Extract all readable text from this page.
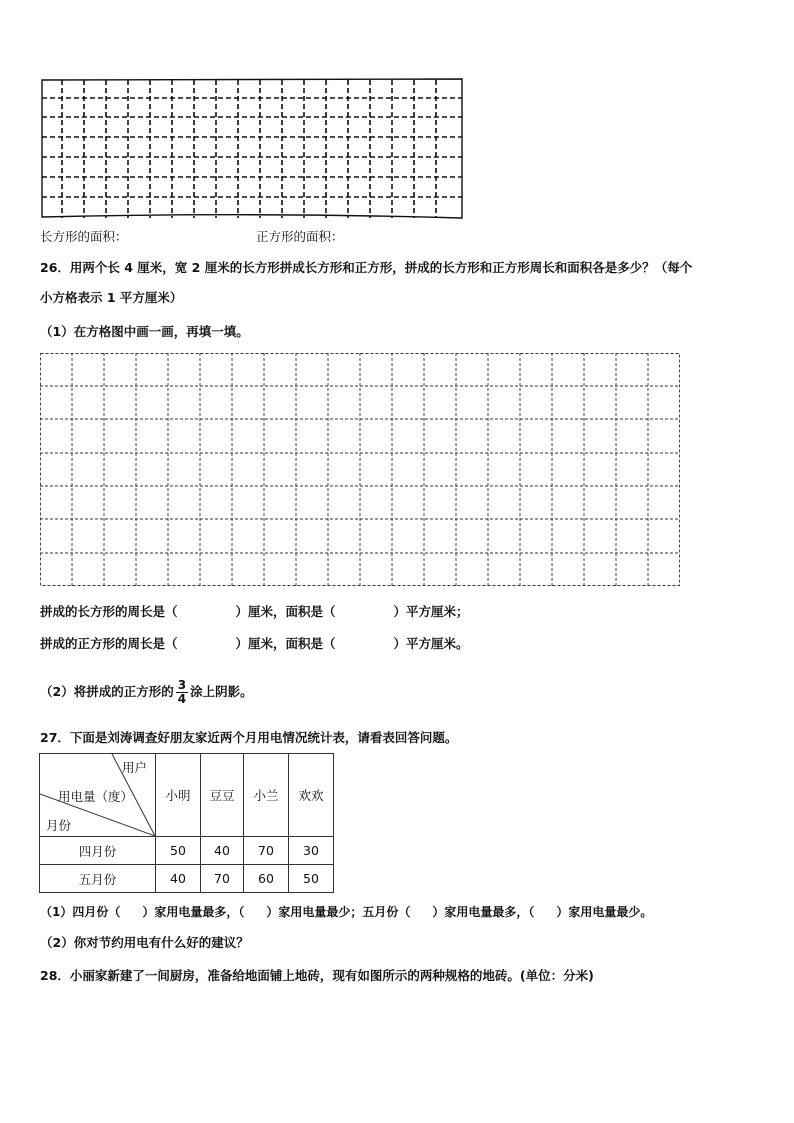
长方形的面积：	正方形的面积：
26．用两个长 4 厘米，宽 2 厘米的长方形拼成长方形和正方形，拼成的长方形和正方形周长和面积各是多少？（每个
小方格表示 1 平方厘米）
（1）在方格图中画一画，再填一填。
拼成的长方形的周长是（	）厘米，面积是（	）平方厘米；
拼成的正方形的周长是（	）厘米，面积是（	）平方厘米。
（2）将拼成的正方形的 $\frac{3}{4}$ 涂上阴影。
27．下面是刘涛调查好朋友家近两个月用电情况统计表，请看表回答问题。
用户
用电量（度）
月份	小明	豆豆	小兰	欢欢
四月份	50	40	70	30
五月份	40	70	60	50
（1）四月份（ ）家用电量最多，（ ）家用电量最少；五月份（ ）家用电量最多，（ ）家用电量最少。
（2）你对节约用电有什么好的建议？
28．小丽家新建了一间厨房，准备给地面铺上地砖，现有如图所示的两种规格的地砖。(单位：分米)
